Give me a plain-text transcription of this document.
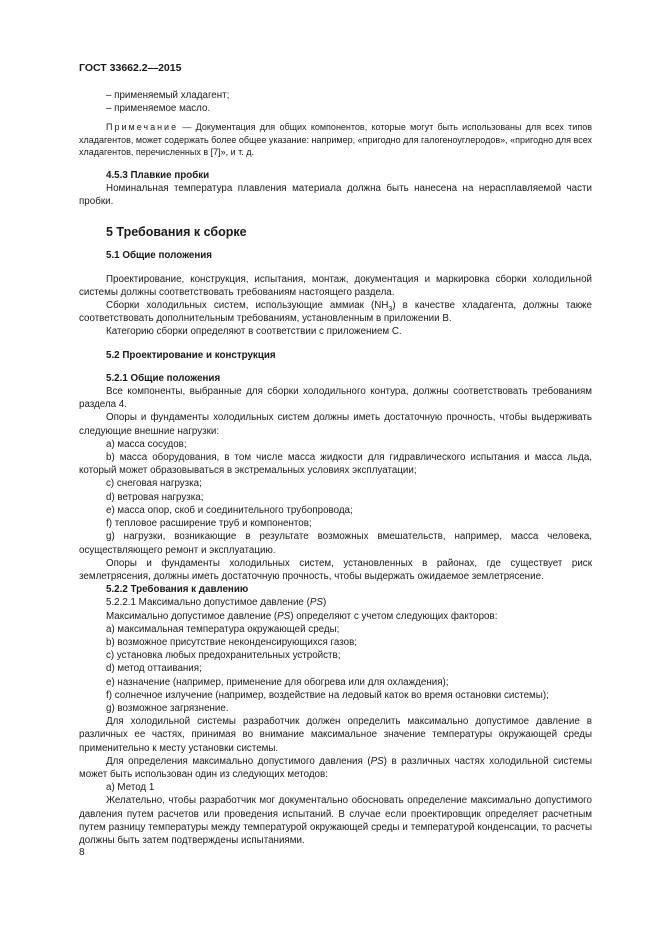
ГОСТ 33662.2—2015
– применяемый хладагент;
– применяемое масло.

Примечание — Документация для общих компонентов, которые могут быть использованы для всех типов хладагентов, может содержать более общее указание: например, «пригодно для галогеноуглеродов», «пригодно для всех хладагентов, перечисленных в [7]», и т. д.

4.5.3 Плавкие пробки

Номинальная температура плавления материала должна быть нанесена на нерасплавляемой части пробки.

5 Требования к сборке
5.1 Общие положения

Проектирование, конструкция, испытания, монтаж, документация и маркировка сборки холодильной системы должны соответствовать требованиям настоящего раздела.

Сборки холодильных систем, использующие аммиак $(NH_3)$ в качестве хладагента, должны также соответствовать дополнительным требованиям, установленным в приложении В.

Категорию сборки определяют в соответствии с приложением С.

5.2 Проектирование и конструкция
5.2.1 Общие положения

Все компоненты, выбранные для сборки холодильного контура, должны соответствовать требованиям раздела 4.

Опоры и фундаменты холодильных систем должны иметь достаточную прочность, чтобы выдерживать следующие внешние нагрузки:

a) масса сосудов;

b) масса оборудования, в том числе масса жидкости для гидравлического испытания и масса льда, который может образовываться в экстремальных условиях эксплуатации;

c) снеговая нагрузка;

d) ветровая нагрузка;

e) масса опор, скоб и соединительного трубопровода;

f) тепловое расширение труб и компонентов;

g) нагрузки, возникающие в результате возможных вмешательств, например, масса человека, осуществляющего ремонт и эксплуатацию.

Опоры и фундаменты холодильных систем, установленных в районах, где существует риск землетрясения, должны иметь достаточную прочность, чтобы выдержать ожидаемое землетрясение.

5.2.2 Требования к давлению

5.2.2.1 Максимально допустимое давление (PS)

Максимально допустимое давление (PS) определяют с учетом следующих факторов:

a) максимальная температура окружающей среды;

b) возможное присутствие неконденсирующихся газов;

c) установка любых предохранительных устройств;

d) метод оттаивания;

e) назначение (например, применение для обогрева или для охлаждения);

f) солнечное излучение (например, воздействие на ледовый каток во время остановки системы);

g) возможное загрязнение.

Для холодильной системы разработчик должен определить максимально допустимое давление в различных ее частях, принимая во внимание максимальное значение температуры окружающей среды применительно к месту установки системы.

Для определения максимально допустимого давления (PS) в различных частях холодильной системы может быть использован один из следующих методов:

a) Метод 1

Желательно, чтобы разработчик мог документально обосновать определение максимально допустимого давления путем расчетов или проведения испытаний. В случае если проектировщик определяет расчетным путем разницу температуры между температурой окружающей среды и температурой конденсации, то расчеты должны быть затем подтверждены испытаниями.

8
